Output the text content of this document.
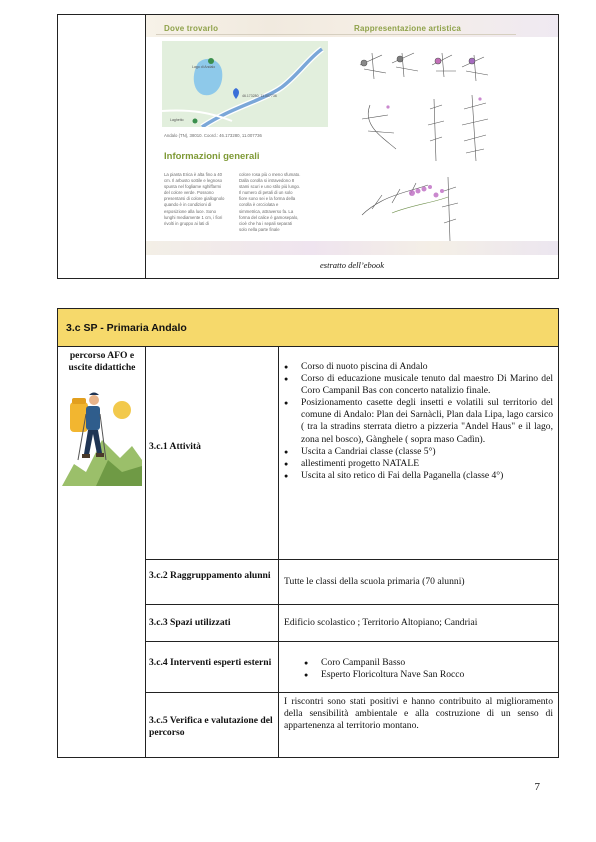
Dove trovarlo	Rappresentazione artistica
Lago di Andalo
46.173280, 11.007736
Laghetto
Andalo (TN), 38010. Coord.: 46.173280, 11.007736
Informazioni generali
La pianta Erica è alta fino a 40 cm. Il arbusto sottile e legnoso spunta nel fogliame sghiffarmi del colore verde. Possono presentarsi di colore giallognolo quando è in condizioni di esposizione alla luce. Sono lunghi mediamente 1 cm, i fiori rivolti in gruppo ai lati di
colore rosa più o meno sfumato. Dalla corolla si intravedono 8 stami scuri e uno stilo più lungo. Il numero di petali di un solo fiore sono sei e la forma della corolla è orcciolata e simmetrica, attraverso fa. La forma del calice è gamosepalo, cioè che ha i sepali separati solo nella parte finale
estratto dell’ebook
3.c SP - Primaria Andalo
percorso AFO e uscite didattiche
3.c.1 Attività
● Corso di nuoto piscina di Andalo
● Corso di educazione musicale tenuto dal maestro Di Marino del Coro Campanil Bas con concerto natalizio finale.
● Posizionamento casette degli insetti e volatili sul territorio del comune di Andalo: Plan dei Sarnàcli, Plan dala Lipa, lago carsico ( tra la stradins sterrata dietro a pizzeria "Andel Haus" e il lago, zona nel bosco), Gànghele ( sopra maso Cadìn).
● Uscita a Candriai classe (classe 5°)
● allestimenti progetto NATALE
● Uscita al sito retico di Fai della Paganella (classe 4°)
3.c.2 Raggruppamento alunni
Tutte le classi della scuola primaria (70 alunni)
3.c.3 Spazi utilizzati	Edificio scolastico ; Territorio Altopiano; Candriai
3.c.4 Interventi esperti esterni
●	Coro Campanil Basso
● Esperto Floricoltura Nave San Rocco
3.c.5 Verifica e valutazione del percorso
I riscontri sono stati positivi e hanno contribuito al miglioramento della sensibilità ambientale e alla costruzione di un senso di appartenenza al territorio montano.
7
